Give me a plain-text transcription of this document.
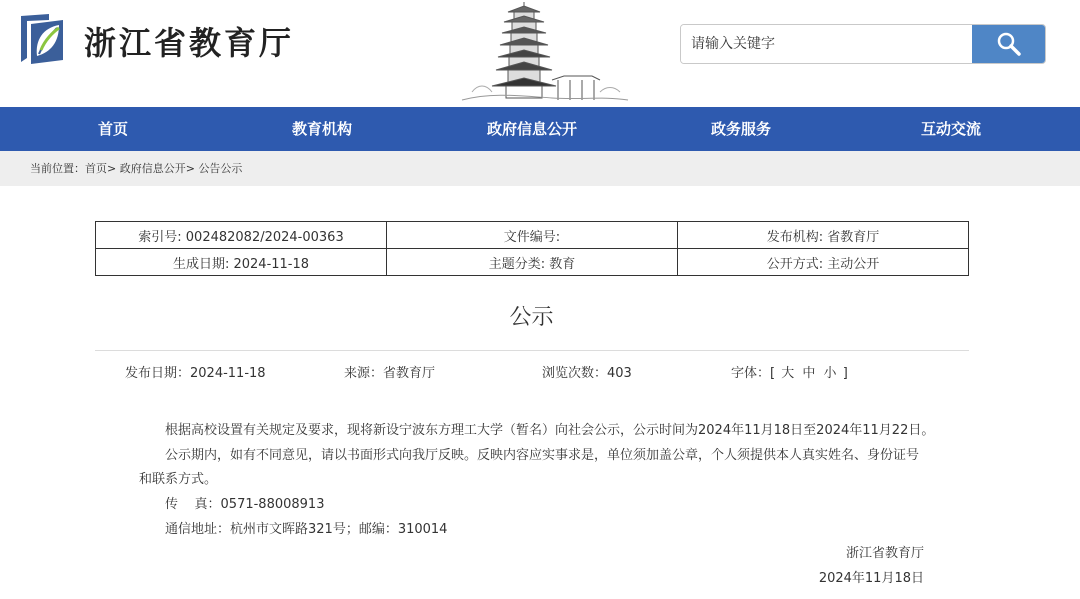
浙江省教育厅
请输入关键字
首页	教育机构	政府信息公开	政务服务	互动交流
当前位置：首页> 政府信息公开> 公告公示
索引号: 002482082/2024-00363	文件编号:	发布机构: 省教育厅
生成日期: 2024-11-18	主题分类: 教育	公开方式: 主动公开
公示
发布日期：2024-11-18	来源：省教育厅	浏览次数：403	字体：[ 大 中 小 ]
根据高校设置有关规定及要求，现将新设宁波东方理工大学（暂名）向社会公示，公示时间为2024年11月18日至2024年11月22日。
公示期内，如有不同意见，请以书面形式向我厅反映。反映内容应实事求是，单位须加盖公章，个人须提供本人真实姓名、身份证号
和联系方式。
传    真：0571-88008913
通信地址：杭州市文晖路321号；邮编：310014
浙江省教育厅
2024年11月18日
